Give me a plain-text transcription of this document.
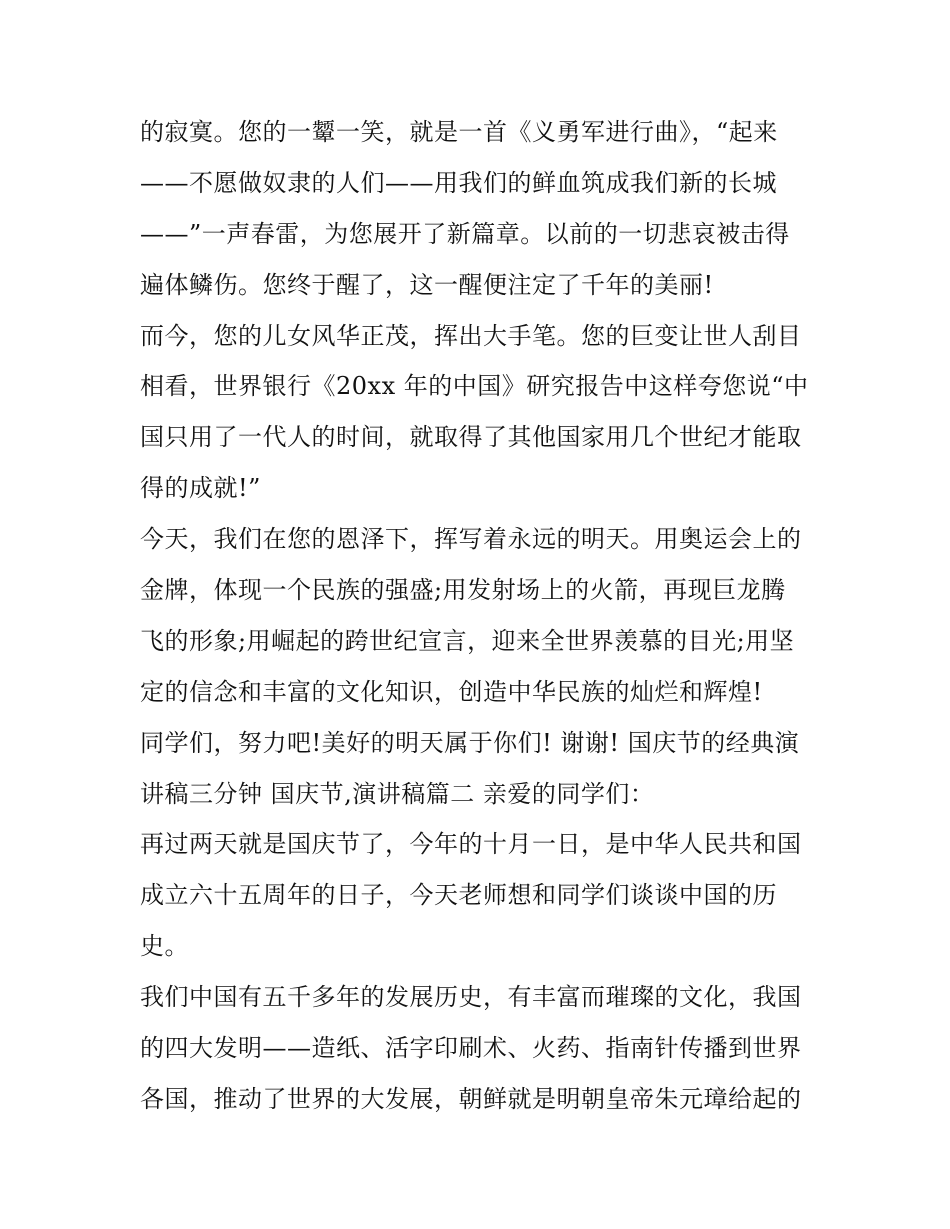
的寂寞。您的一颦一笑，就是一首《义勇军进行曲》，“起来
——不愿做奴隶的人们——用我们的鲜血筑成我们新的长城
——”一声春雷，为您展开了新篇章。以前的一切悲哀被击得
遍体鳞伤。您终于醒了，这一醒便注定了千年的美丽!
而今，您的儿女风华正茂，挥出大手笔。您的巨变让世人刮目
相看，世界银行《20xx 年的中国》研究报告中这样夸您说“中
国只用了一代人的时间，就取得了其他国家用几个世纪才能取
得的成就!”
今天，我们在您的恩泽下，挥写着永远的明天。用奥运会上的
金牌，体现一个民族的强盛;用发射场上的火箭，再现巨龙腾
飞的形象;用崛起的跨世纪宣言，迎来全世界羡慕的目光;用坚
定的信念和丰富的文化知识，创造中华民族的灿烂和辉煌!
同学们，努力吧!美好的明天属于你们! 谢谢! 国庆节的经典演
讲稿三分钟 国庆节,演讲稿篇二 亲爱的同学们：
再过两天就是国庆节了，今年的十月一日，是中华人民共和国
成立六十五周年的日子，今天老师想和同学们谈谈中国的历
史。
我们中国有五千多年的发展历史，有丰富而璀璨的文化，我国
的四大发明——造纸、活字印刷术、火药、指南针传播到世界
各国，推动了世界的大发展，朝鲜就是明朝皇帝朱元璋给起的
